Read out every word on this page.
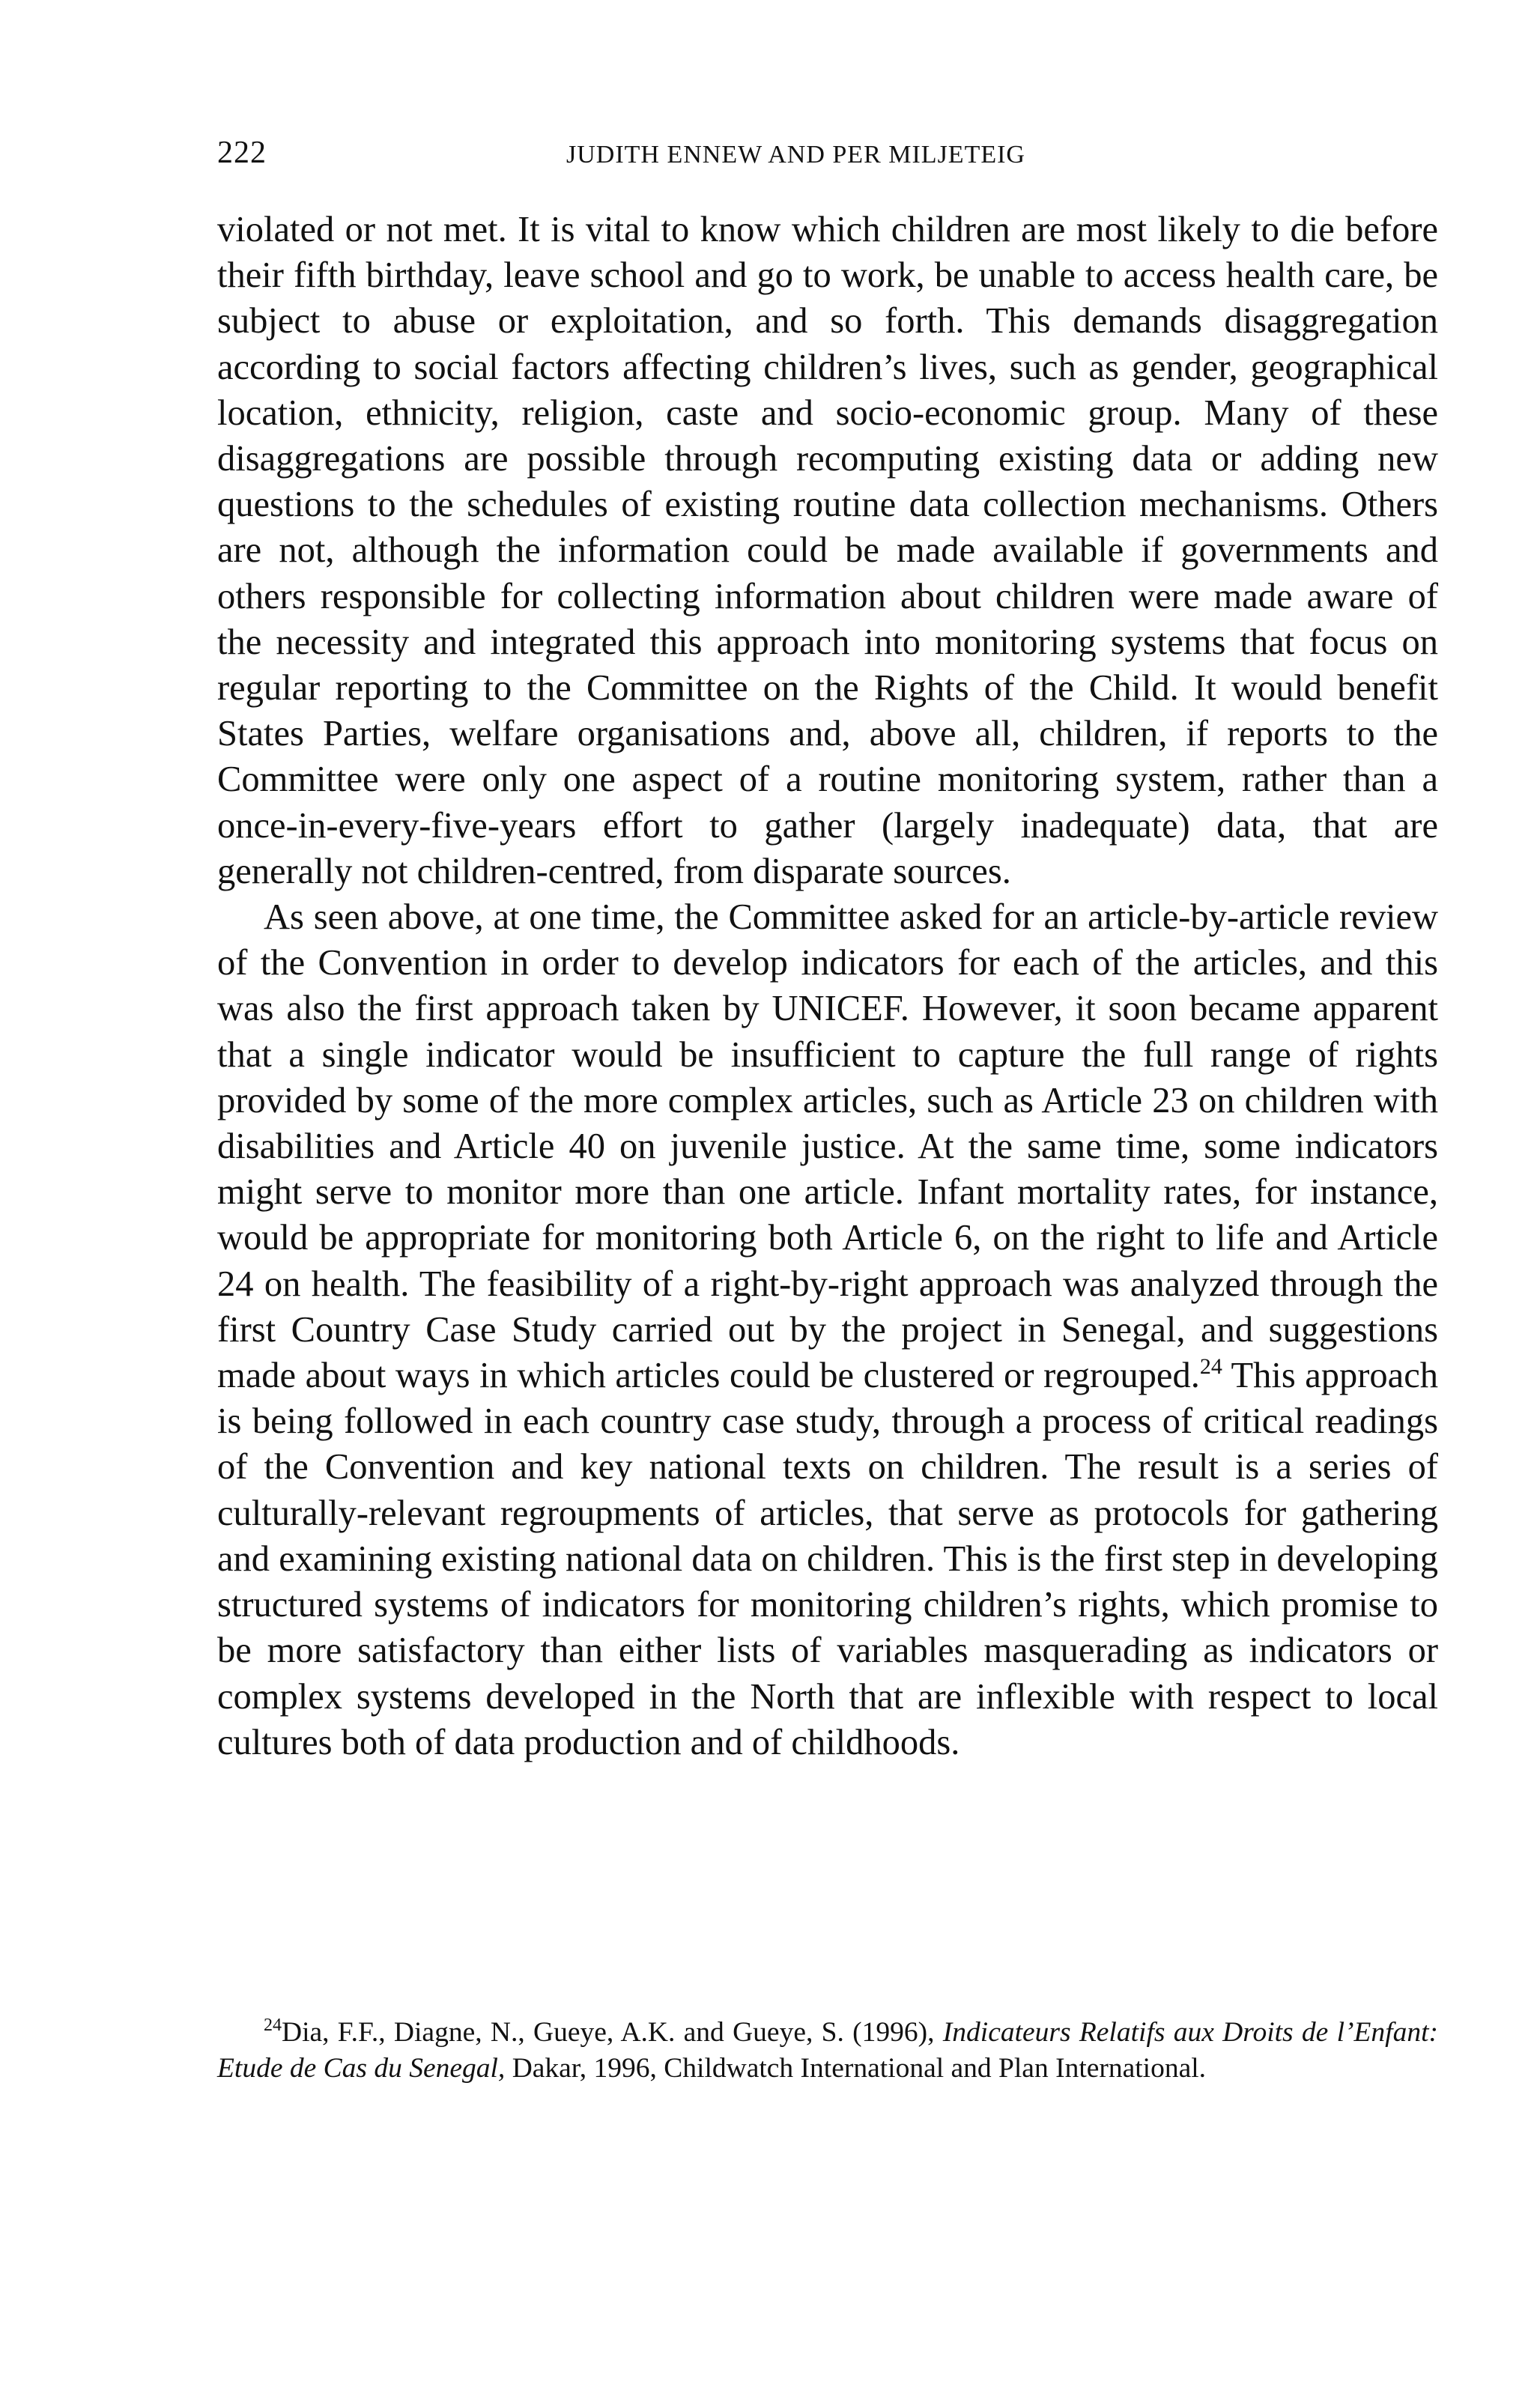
222	JUDITH ENNEW AND PER MILJETEIG

violated or not met. It is vital to know which children are most likely to die before their fifth birthday, leave school and go to work, be unable to access health care, be subject to abuse or exploitation, and so forth. This demands disaggregation according to social factors affecting children’s lives, such as gender, geographical location, ethnicity, religion, caste and socio-economic group. Many of these disaggregations are possible through recomputing existing data or adding new questions to the schedules of existing routine data collection mechanisms. Others are not, although the information could be made available if governments and others responsible for collecting information about children were made aware of the necessity and integrated this approach into monitoring systems that focus on regular reporting to the Committee on the Rights of the Child. It would benefit States Parties, welfare organisations and, above all, children, if reports to the Committee were only one aspect of a routine monitoring system, rather than a once-in-every-five-years effort to gather (largely inadequate) data, that are generally not children-centred, from disparate sources.

As seen above, at one time, the Committee asked for an article-by-article review of the Convention in order to develop indicators for each of the articles, and this was also the first approach taken by UNICEF. However, it soon became apparent that a single indicator would be insufficient to capture the full range of rights provided by some of the more complex articles, such as Article 23 on children with disabilities and Article 40 on juvenile justice. At the same time, some indicators might serve to monitor more than one article. Infant mortality rates, for instance, would be appropriate for monitoring both Article 6, on the right to life and Article 24 on health. The feasibility of a right-by-right approach was analyzed through the first Country Case Study carried out by the project in Senegal, and suggestions made about ways in which articles could be clustered or regrouped.$^{24}$ This approach is being followed in each country case study, through a process of critical readings of the Convention and key national texts on children. The result is a series of culturally-relevant regroupments of articles, that serve as protocols for gathering and examining existing national data on children. This is the first step in developing structured systems of indicators for monitoring children’s rights, which promise to be more satisfactory than either lists of variables masquerading as indicators or complex systems developed in the North that are inflexible with respect to local cultures both of data production and of childhoods.

$^{24}$Dia, F.F., Diagne, N., Gueye, A.K. and Gueye, S. (1996), Indicateurs Relatifs aux Droits de l’Enfant: Etude de Cas du Senegal, Dakar, 1996, Childwatch International and Plan International.
